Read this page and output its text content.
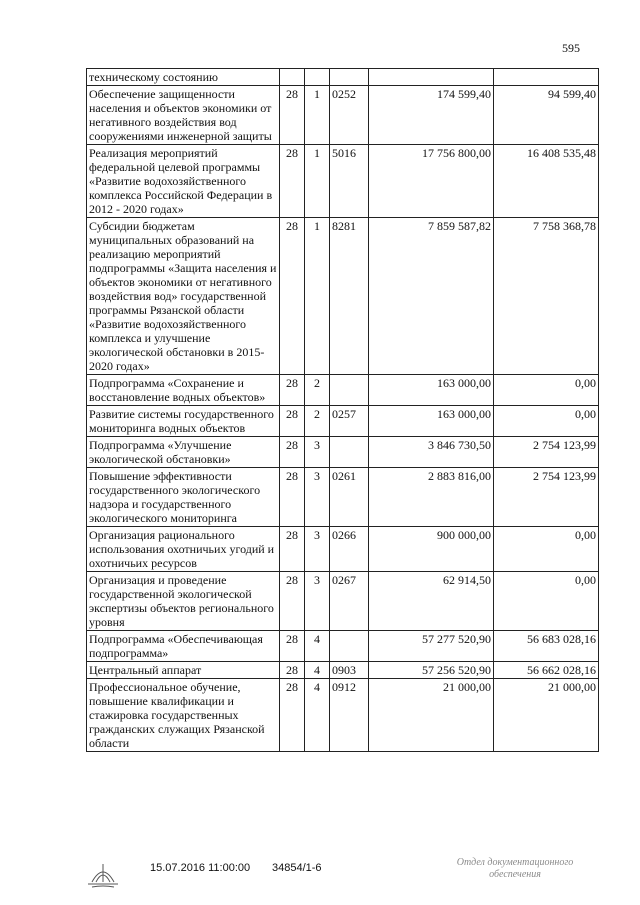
595
техническому состоянию					
Обеспечение защищенности населения и объектов экономики от негативного воздействия вод сооружениями инженерной защиты	28	1	0252	174 599,40	94 599,40
Реализация мероприятий федеральной целевой программы «Развитие водохозяйственного комплекса Российской Федерации в 2012 - 2020 годах»	28	1	5016	17 756 800,00	16 408 535,48
Субсидии бюджетам муниципальных образований на реализацию мероприятий подпрограммы «Защита населения и объектов экономики от негативного воздействия вод» государственной программы Рязанской области «Развитие водохозяйственного комплекса и улучшение экологической обстановки в 2015-2020 годах»	28	1	8281	7 859 587,82	7 758 368,78
Подпрограмма «Сохранение и восстановление водных объектов»	28	2		163 000,00	0,00
Развитие системы государственного мониторинга водных объектов	28	2	0257	163 000,00	0,00
Подпрограмма «Улучшение экологической обстановки»	28	3		3 846 730,50	2 754 123,99
Повышение эффективности государственного экологического надзора и государственного экологического мониторинга	28	3	0261	2 883 816,00	2 754 123,99
Организация рационального использования охотничьих угодий и охотничьих ресурсов	28	3	0266	900 000,00	0,00
Организация и проведение государственной экологической экспертизы объектов регионального уровня	28	3	0267	62 914,50	0,00
Подпрограмма «Обеспечивающая подпрограмма»	28	4		57 277 520,90	56 683 028,16
Центральный аппарат	28	4	0903	57 256 520,90	56 662 028,16
Профессиональное обучение, повышение квалификации и стажировка государственных гражданских служащих Рязанской области	28	4	0912	21 000,00	21 000,00
15.07.2016 11:00:00 34854/1-6	Отдел документационного обеспечения
